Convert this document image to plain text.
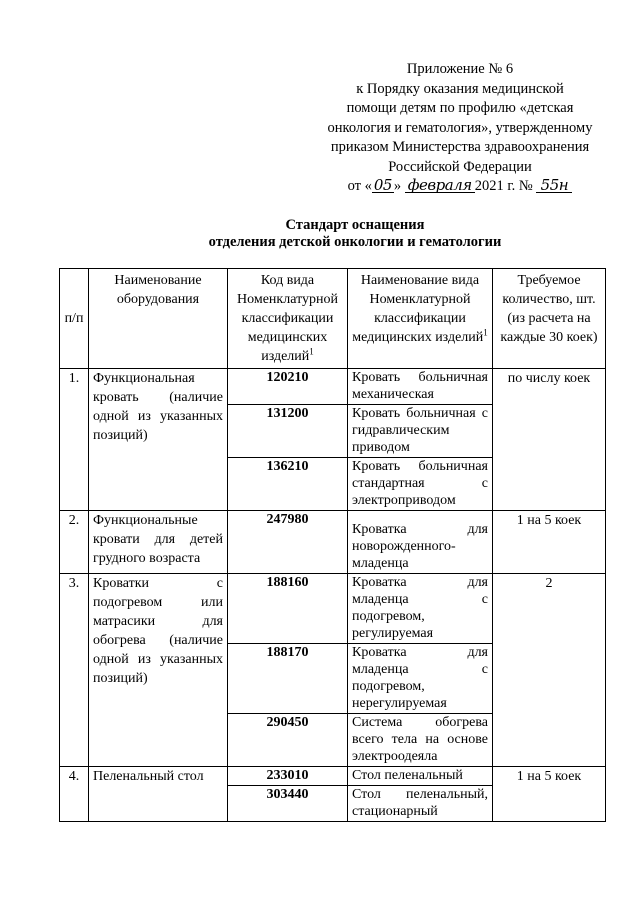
Приложение № 6
к Порядку оказания медицинской
помощи детям по профилю «детская
онкология и гематология», утвержденному
приказом Министерства здравоохранения
Российской Федерации
от « 05 » февраля 2021 г. № 55н
Стандарт оснащения
отделения детской онкологии и гематологии
п/п	Наименование оборудования	Код вида Номенклатурной классификации медицинских изделий$^1$	Наименование вида Номенклатурной классификации медицинских изделий$^1$	Требуемое количество, шт. (из расчета на каждые 30 коек)
1.	Функциональная кровать (наличие одной из указанных позиций)	120210	Кровать больничная механическая	по числу коек
		131200	Кровать больничная с гидравлическим приводом	
		136210	Кровать больничная стандартная с электроприводом	
2.	Функциональные кровати для детей грудного возраста	247980	Кроватка для новорожденного-младенца	1 на 5 коек
3.	Кроватки с подогревом или матрасики для обогрева (наличие одной из указанных позиций)	188160	Кроватка для младенца с подогревом, регулируемая	2
		188170	Кроватка для младенца с подогревом, нерегулируемая	
		290450	Система обогрева всего тела на основе электроодеяла	
4.	Пеленальный стол	233010	Стол пеленальный	1 на 5 коек
		303440	Стол пеленальный, стационарный	
